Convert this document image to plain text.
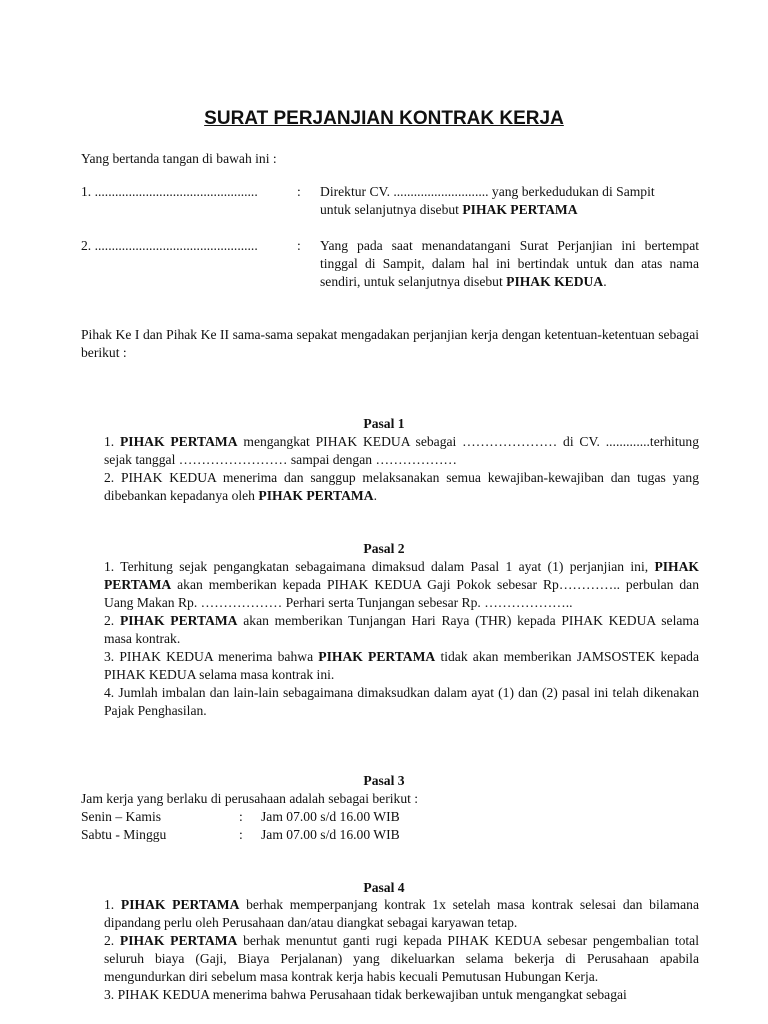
SURAT PERJANJIAN KONTRAK KERJA
Yang bertanda tangan di bawah ini :
1. ................................................	: Direktur CV. ............................ yang berkedudukan di Sampit
untuk selanjutnya disebut PIHAK PERTAMA
2. ................................................	: Yang pada saat menandatangani Surat Perjanjian ini bertempat tinggal di Sampit, dalam hal ini bertindak untuk dan atas nama sendiri, untuk selanjutnya disebut PIHAK KEDUA.
Pihak Ke I dan Pihak Ke II sama-sama sepakat mengadakan perjanjian kerja dengan ketentuan-ketentuan sebagai berikut :
Pasal 1

1. PIHAK PERTAMA mengangkat PIHAK KEDUA sebagai ………………… di CV. .............terhitung sejak tanggal …………………… sampai dengan ………………

2. PIHAK KEDUA menerima dan sanggup melaksanakan semua kewajiban-kewajiban dan tugas yang dibebankan kepadanya oleh PIHAK PERTAMA.

Pasal 2

1. Terhitung sejak pengangkatan sebagaimana dimaksud dalam Pasal 1 ayat (1) perjanjian ini, PIHAK PERTAMA akan memberikan kepada PIHAK KEDUA Gaji Pokok sebesar Rp………….. perbulan dan Uang Makan Rp. ……………… Perhari serta Tunjangan sebesar Rp. ………………..

2. PIHAK PERTAMA akan memberikan Tunjangan Hari Raya (THR) kepada PIHAK KEDUA selama masa kontrak.

3. PIHAK KEDUA menerima bahwa PIHAK PERTAMA tidak akan memberikan JAMSOSTEK kepada PIHAK KEDUA selama masa kontrak ini.

4. Jumlah imbalan dan lain-lain sebagaimana dimaksudkan dalam ayat (1) dan (2) pasal ini telah dikenakan Pajak Penghasilan.

Pasal 3
Jam kerja yang berlaku di perusahaan adalah sebagai berikut :
Senin – Kamis	:	Jam 07.00 s/d 16.00 WIB
Sabtu - Minggu	:	Jam 07.00 s/d 16.00 WIB
Pasal 4

1. PIHAK PERTAMA berhak memperpanjang kontrak 1x setelah masa kontrak selesai dan bilamana dipandang perlu oleh Perusahaan dan/atau diangkat sebagai karyawan tetap.

2. PIHAK PERTAMA berhak menuntut ganti rugi kepada PIHAK KEDUA sebesar pengembalian total seluruh biaya (Gaji, Biaya Perjalanan) yang dikeluarkan selama bekerja di Perusahaan apabila mengundurkan diri sebelum masa kontrak kerja habis kecuali Pemutusan Hubungan Kerja.

3. PIHAK KEDUA menerima bahwa Perusahaan tidak berkewajiban untuk mengangkat sebagai
